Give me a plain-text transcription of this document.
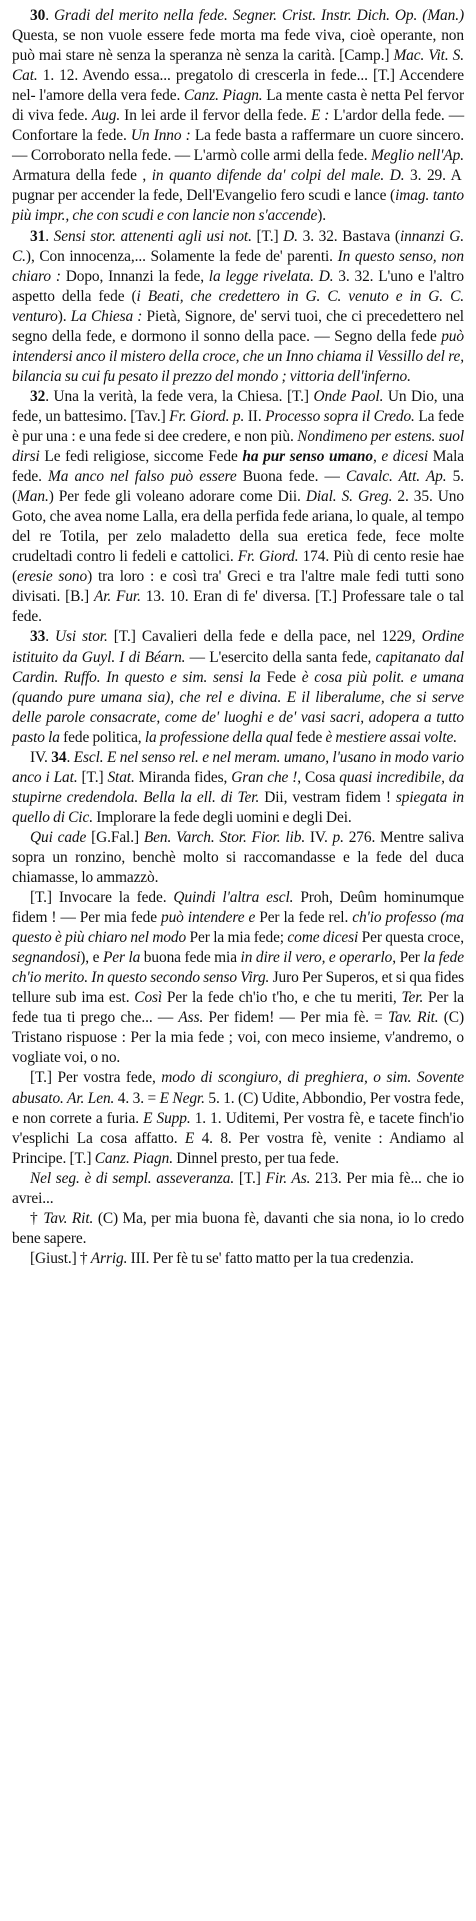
30. Gradi del merito nella fede. Segner. Crist. Instr. Dich. Op. (Man.) Questa, se non vuole essere fede morta ma fede viva, cioè operante, non può mai stare nè senza la speranza nè senza la carità. [Camp.] Mac. Vit. S. Cat. 1. 12. Avendo essa... pregatolo di crescerla in fede... [T.] Accendere nel- l'amore della vera fede. Canz. Piagn. La mente casta è netta Pel fervor di viva fede. Aug. In lei arde il fervor della fede. E : L'ardor della fede. — Confortare la fede. Un Inno : La fede basta a raffermare un cuore sincero. — Corroborato nella fede. — L'armò colle armi della fede. Meglio nell'Ap. Armatura della fede , in quanto difende da' colpi del male. D. 3. 29. A pugnar per accender la fede, Dell'Evangelio fero scudi e lance (imag. tanto più impr., che con scudi e con lancie non s'accende).

31. Sensi stor. attenenti agli usi not. [T.] D. 3. 32. Bastava (innanzi G. C.), Con innocenza,... Solamente la fede de' parenti. In questo senso, non chiaro : Dopo, Innanzi la fede, la legge rivelata. D. 3. 32. L'uno e l'altro aspetto della fede (i Beati, che credettero in G. C. venuto e in G. C. venturo). La Chiesa : Pietà, Signore, de' servi tuoi, che ci precedettero nel segno della fede, e dormono il sonno della pace. — Segno della fede può intendersi anco il mistero della croce, che un Inno chiama il Vessillo del re, bilancia su cui fu pesato il prezzo del mondo ; vittoria dell'inferno.

32. Una la verità, la fede vera, la Chiesa. [T.] Onde Paol. Un Dio, una fede, un battesimo. [Tav.] Fr. Giord. p. II. Processo sopra il Credo. La fede è pur una : e una fede si dee credere, e non più. Nondimeno per estens. suol dirsi Le fedi religiose, siccome Fede ha pur senso umano, e dicesi Mala fede. Ma anco nel falso può essere Buona fede. — Cavalc. Att. Ap. 5. (Man.) Per fede gli voleano adorare come Dii. Dial. S. Greg. 2. 35. Uno Goto, che avea nome Lalla, era della perfida fede ariana, lo quale, al tempo del re Totila, per zelo maladetto della sua eretica fede, fece molte crudeltadi contro li fedeli e cattolici. Fr. Giord. 174. Più di cento resie hae (eresie sono) tra loro : e così tra' Greci e tra l'altre male fedi tutti sono divisati. [B.] Ar. Fur. 13. 10. Eran di fe' diversa. [T.] Professare tale o tal fede.

33. Usi stor. [T.] Cavalieri della fede e della pace, nel 1229, Ordine istituito da Guyl. I di Béarn. — L'esercito della santa fede, capitanato dal Cardin. Ruffo. In questo e sim. sensi la Fede è cosa più polit. e umana (quando pure umana sia), che rel e divina. E il liberalume, che si serve delle parole consacrate, come de' luoghi e de' vasi sacri, adopera a tutto pasto la fede politica, la professione della qual fede è mestiere assai volte.

IV. 34. Escl. E nel senso rel. e nel meram. umano, l'usano in modo vario anco i Lat. [T.] Stat. Miranda fides, Gran che !, Cosa quasi incredibile, da stupirne credendola. Bella la ell. di Ter. Dii, vestram fidem ! spiegata in quello di Cic. Implorare la fede degli uomini e degli Dei.

Qui cade [G.Fal.] Ben. Varch. Stor. Fior. lib. IV. p. 276. Mentre saliva sopra un ronzino, benchè molto si raccomandasse e la fede del duca chiamasse, lo ammazzò.

[T.] Invocare la fede. Quindi l'altra escl. Proh, Deûm hominumque fidem ! — Per mia fede può intendere e Per la fede rel. ch'io professo (ma questo è più chiaro nel modo Per la mia fede; come dicesi Per questa croce, segnandosi), e Per la buona fede mia in dire il vero, e operarlo, Per la fede ch'io merito. In questo secondo senso Virg. Juro Per Superos, et si qua fides tellure sub ima est. Così Per la fede ch'io t'ho, e che tu meriti, Ter. Per la fede tua ti prego che... — Ass. Per fidem! — Per mia fè. = Tav. Rit. (C) Tristano rispuose : Per la mia fede ; voi, con meco insieme, v'andremo, o vogliate voi, o no.

[T.] Per vostra fede, modo di scongiuro, di preghiera, o sim. Sovente abusato. Ar. Len. 4. 3. = E Negr. 5. 1. (C) Udite, Abbondio, Per vostra fede, e non correte a furia. E Supp. 1. 1. Uditemi, Per vostra fè, e tacete finch'io v'esplichi La cosa affatto. E 4. 8. Per vostra fè, venite : Andiamo al Principe. [T.] Canz. Piagn. Dinnel presto, per tua fede.

Nel seg. è di sempl. asseveranza. [T.] Fir. As. 213. Per mia fè... che io avrei...

† Tav. Rit. (C) Ma, per mia buona fè, davanti che sia nona, io lo credo bene sapere.

[Giust.] † Arrig. III. Per fè tu se' fatto matto per la tua credenzia.
